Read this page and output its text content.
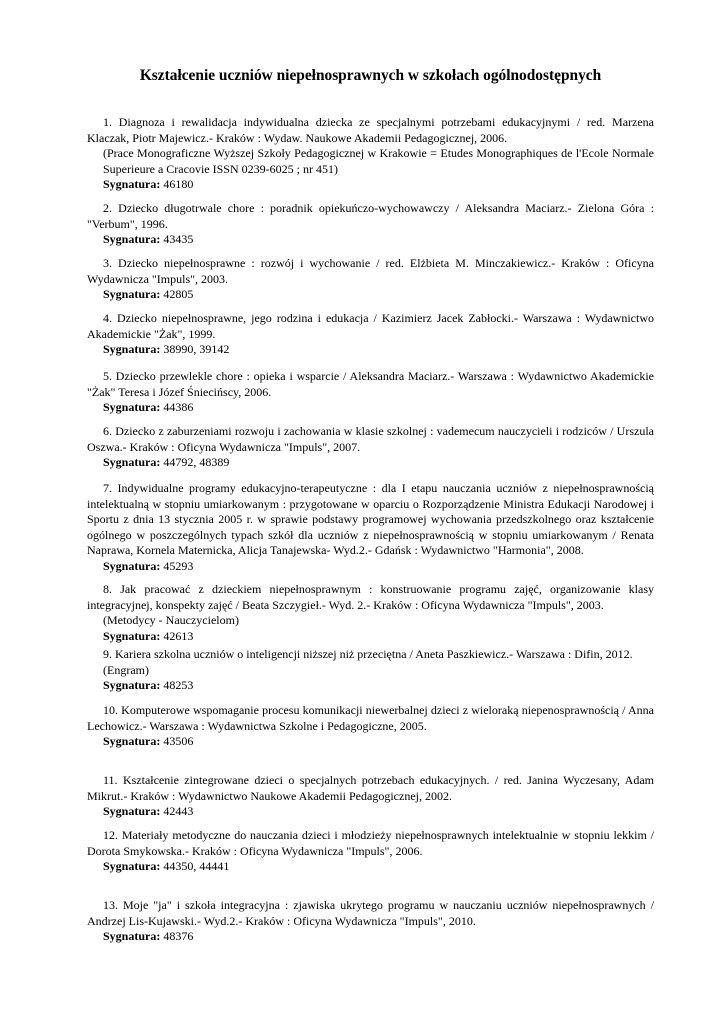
Kształcenie uczniów niepełnosprawnych w szkołach ogólnodostępnych

1. Diagnoza i rewalidacja indywidualna dziecka ze specjalnymi potrzebami edukacyjnymi / red. Marzena Klaczak, Piotr Majewicz.- Kraków : Wydaw. Naukowe Akademii Pedagogicznej, 2006.

(Prace Monograficzne Wyższej Szkoły Pedagogicznej w Krakowie = Etudes Monographiques de l'Ecole Normale Superieure a Cracovie ISSN 0239-6025 ; nr 451)
Sygnatura: 46180

2. Dziecko długotrwale chore : poradnik opiekuńczo-wychowawczy / Aleksandra Maciarz.- Zielona Góra : "Verbum", 1996.

Sygnatura: 43435

3. Dziecko niepełnosprawne : rozwój i wychowanie / red. Elżbieta M. Minczakiewicz.- Kraków : Oficyna Wydawnicza "Impuls", 2003.

Sygnatura: 42805

4. Dziecko niepełnosprawne, jego rodzina i edukacja / Kazimierz Jacek Zabłocki.- Warszawa : Wydawnictwo Akademickie "Żak", 1999.

Sygnatura: 38990, 39142

5. Dziecko przewlekle chore : opieka i wsparcie / Aleksandra Maciarz.- Warszawa : Wydawnictwo Akademickie "Żak" Teresa i Józef Śniecińscy, 2006.

Sygnatura: 44386

6. Dziecko z zaburzeniami rozwoju i zachowania w klasie szkolnej : vademecum nauczycieli i rodziców / Urszula Oszwa.- Kraków : Oficyna Wydawnicza "Impuls", 2007.

Sygnatura: 44792, 48389

7. Indywidualne programy edukacyjno-terapeutyczne : dla I etapu nauczania uczniów z niepełnosprawnością intelektualną w stopniu umiarkowanym : przygotowane w oparciu o Rozporządzenie Ministra Edukacji Narodowej i Sportu z dnia 13 stycznia 2005 r. w sprawie podstawy programowej wychowania przedszkolnego oraz kształcenie ogólnego w poszczególnych typach szkół dla uczniów z niepełnosprawnością w stopniu umiarkowanym / Renata Naprawa, Kornela Maternicka, Alicja Tanajewska- Wyd.2.- Gdańsk : Wydawnictwo "Harmonia", 2008.

Sygnatura: 45293

8. Jak pracować z dzieckiem niepełnosprawnym : konstruowanie programu zajęć, organizowanie klasy integracyjnej, konspekty zajęć / Beata Szczygieł.- Wyd. 2.- Kraków : Oficyna Wydawnicza "Impuls", 2003.

(Metodycy - Nauczycielom)
Sygnatura: 42613

9. Kariera szkolna uczniów o inteligencji niższej niż przeciętna / Aneta Paszkiewicz.- Warszawa : Difin, 2012.

(Engram)
Sygnatura: 48253

10. Komputerowe wspomaganie procesu komunikacji niewerbalnej dzieci z wieloraką niepenosprawnością / Anna Lechowicz.- Warszawa : Wydawnictwa Szkolne i Pedagogiczne, 2005.

Sygnatura: 43506

11. Kształcenie zintegrowane dzieci o specjalnych potrzebach edukacyjnych. / red. Janina Wyczesany, Adam Mikrut.- Kraków : Wydawnictwo Naukowe Akademii Pedagogicznej, 2002.

Sygnatura: 42443

12. Materiały metodyczne do nauczania dzieci i młodzieży niepełnosprawnych intelektualnie w stopniu lekkim / Dorota Smykowska.- Kraków : Oficyna Wydawnicza "Impuls", 2006.

Sygnatura: 44350, 44441

13. Moje "ja" i szkoła integracyjna : zjawiska ukrytego programu w nauczaniu uczniów niepełnosprawnych / Andrzej Lis-Kujawski.- Wyd.2.- Kraków : Oficyna Wydawnicza "Impuls", 2010.

Sygnatura: 48376
